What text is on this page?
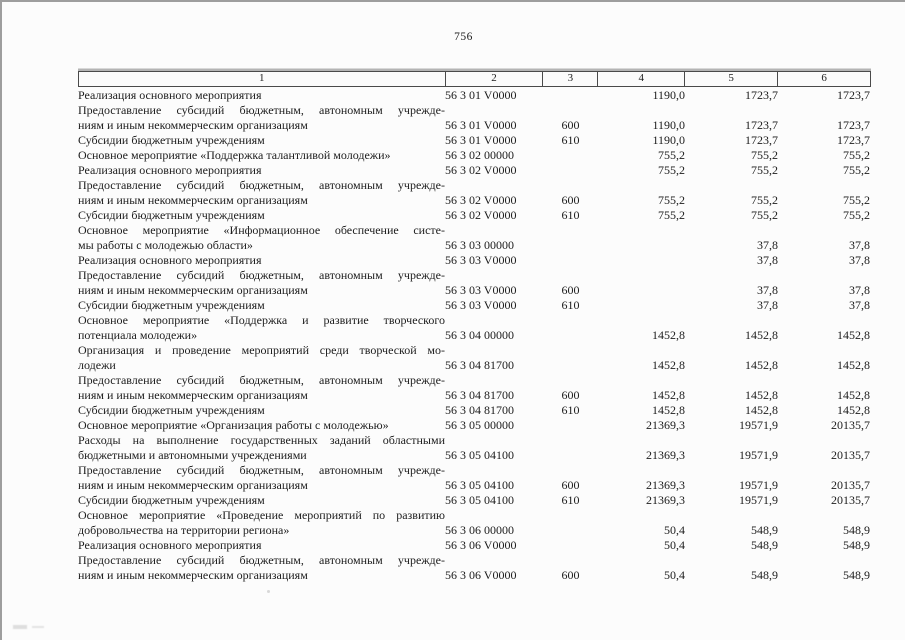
756
1	2	3	4	5	6
Реализация основного мероприятия	56 3 01 V0000		1190,0	1723,7	1723,7

Предоставление субсидий бюджетным, автономным учрежде-
ниям и иным некоммерческим организациям	56 3 01 V0000	600	1190,0	1723,7	1723,7

Субсидии бюджетным учреждениям	56 3 01 V0000	610	1190,0	1723,7	1723,7

Основное мероприятие «Поддержка талантливой молодежи»	56 3 02 00000		755,2	755,2	755,2

Реализация основного мероприятия	56 3 02 V0000		755,2	755,2	755,2

Предоставление субсидий бюджетным, автономным учрежде-
ниям и иным некоммерческим организациям	56 3 02 V0000	600	755,2	755,2	755,2

Субсидии бюджетным учреждениям	56 3 02 V0000	610	755,2	755,2	755,2

Основное мероприятие «Информационное обеспечение систе-
мы работы с молодежью области»	56 3 03 00000			37,8	37,8

Реализация основного мероприятия	56 3 03 V0000			37,8	37,8

Предоставление субсидий бюджетным, автономным учрежде-
ниям и иным некоммерческим организациям	56 3 03 V0000	600		37,8	37,8

Субсидии бюджетным учреждениям	56 3 03 V0000	610		37,8	37,8

Основное мероприятие «Поддержка и развитие творческого
потенциала молодежи»	56 3 04 00000		1452,8	1452,8	1452,8

Организация и проведение мероприятий среди творческой мо-
лодежи	56 3 04 81700		1452,8	1452,8	1452,8

Предоставление субсидий бюджетным, автономным учрежде-
ниям и иным некоммерческим организациям	56 3 04 81700	600	1452,8	1452,8	1452,8

Субсидии бюджетным учреждениям	56 3 04 81700	610	1452,8	1452,8	1452,8

Основное мероприятие «Организация работы с молодежью»	56 3 05 00000		21369,3	19571,9	20135,7

Расходы на выполнение государственных заданий областными
бюджетными и автономными учреждениями	56 3 05 04100		21369,3	19571,9	20135,7

Предоставление субсидий бюджетным, автономным учрежде-
ниям и иным некоммерческим организациям	56 3 05 04100	600	21369,3	19571,9	20135,7

Субсидии бюджетным учреждениям	56 3 05 04100	610	21369,3	19571,9	20135,7

Основное мероприятие «Проведение мероприятий по развитию
добровольчества на территории региона»	56 3 06 00000		50,4	548,9	548,9

Реализация основного мероприятия	56 3 06 V0000		50,4	548,9	548,9

Предоставление субсидий бюджетным, автономным учрежде-
ниям и иным некоммерческим организациям	56 3 06 V0000	600	50,4	548,9	548,9
